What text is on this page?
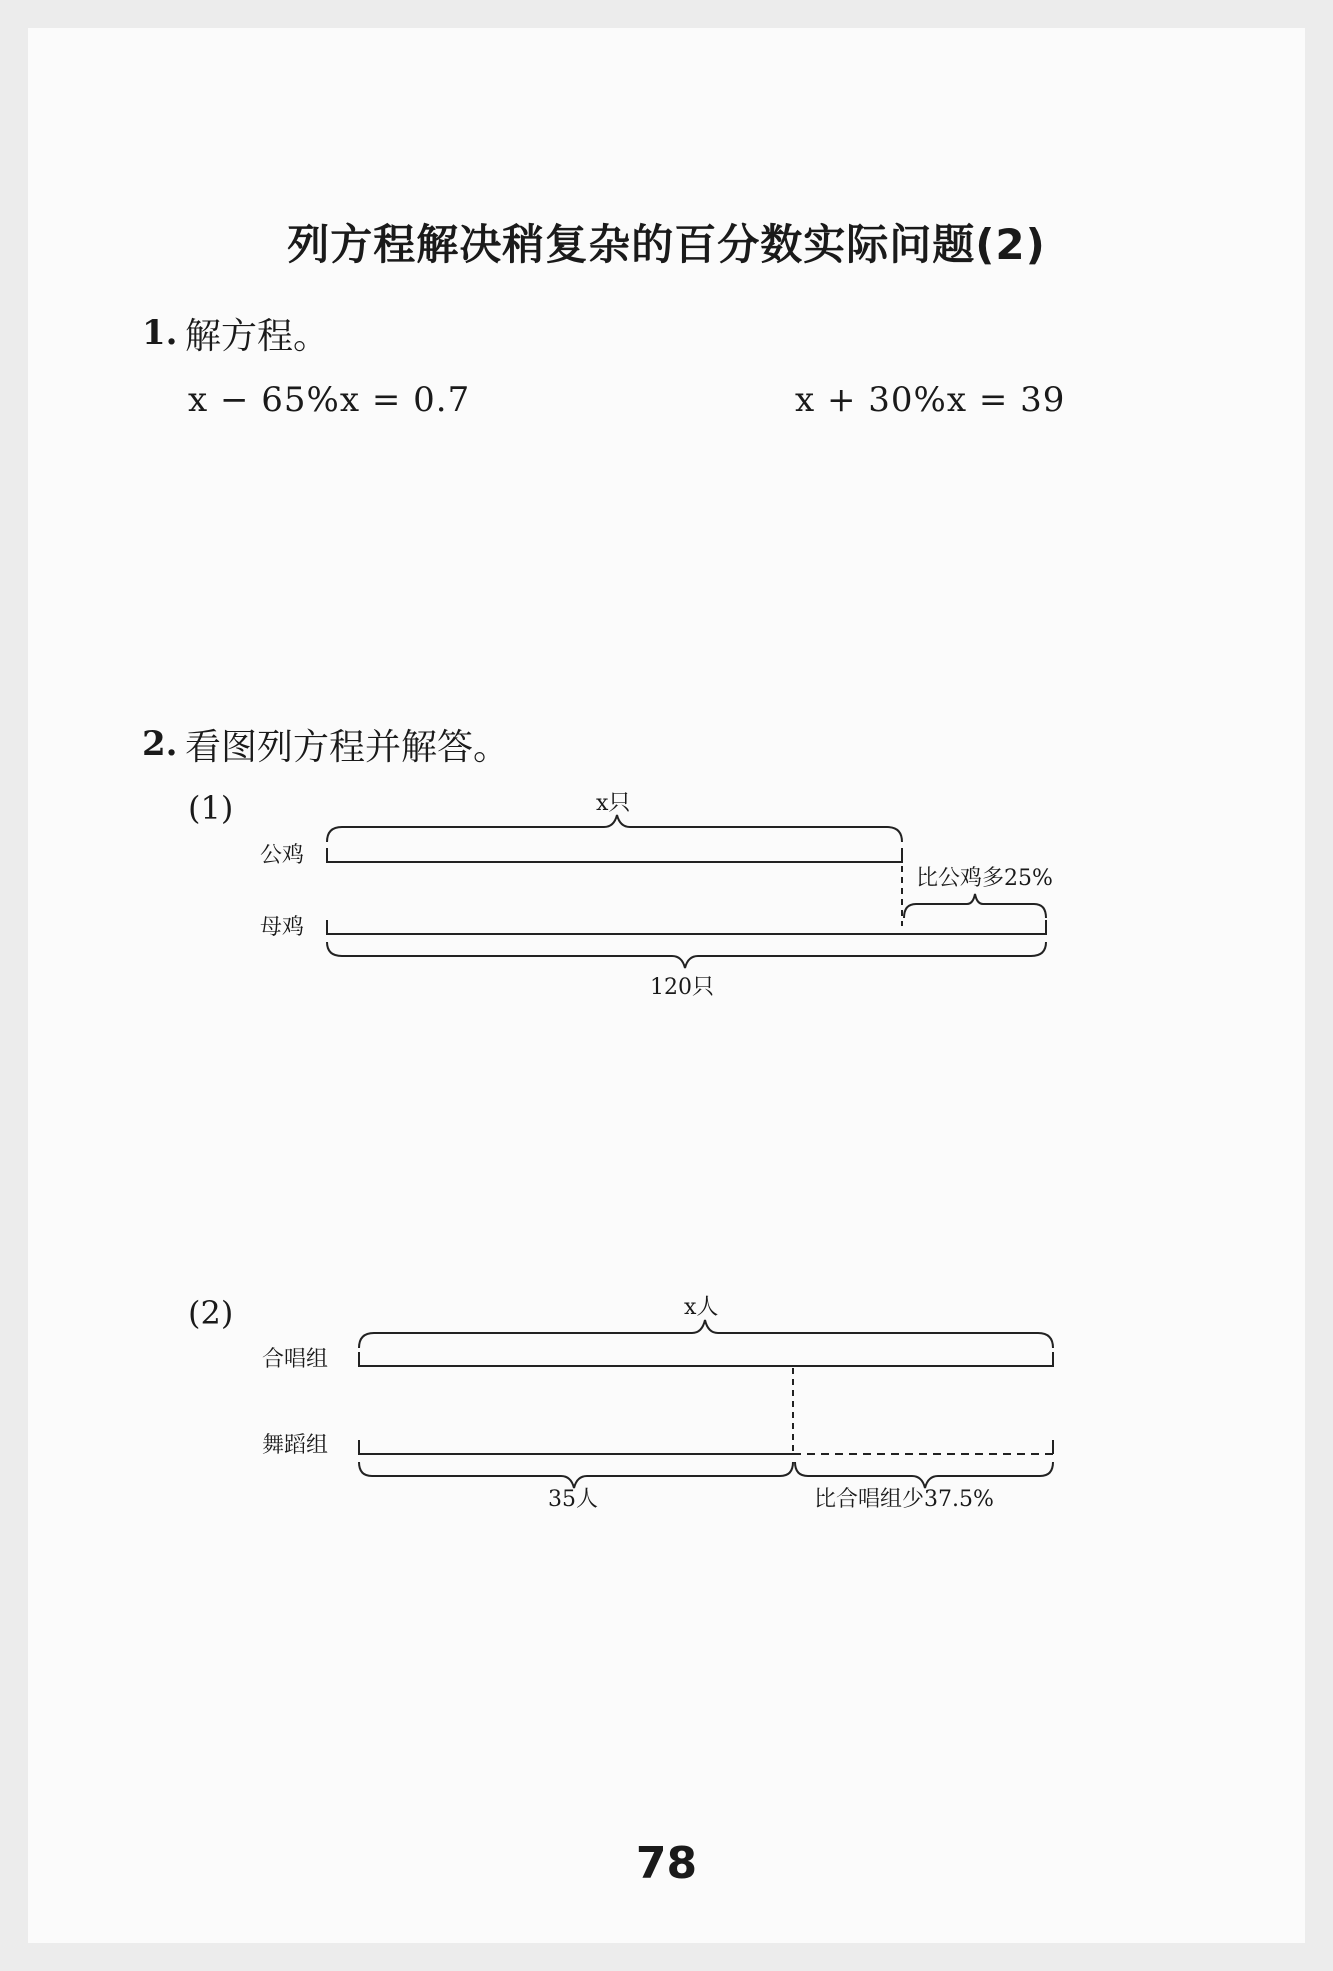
列方程解决稍复杂的百分数实际问题(2)
1. 解方程。
x − 65%x = 0.7	x + 30%x = 39
2. 看图列方程并解答。
(1)
公鸡
母鸡
x只
比公鸡多25%
120只
(2)
合唱组
舞蹈组
x人
35人	比合唱组少37.5%
78
